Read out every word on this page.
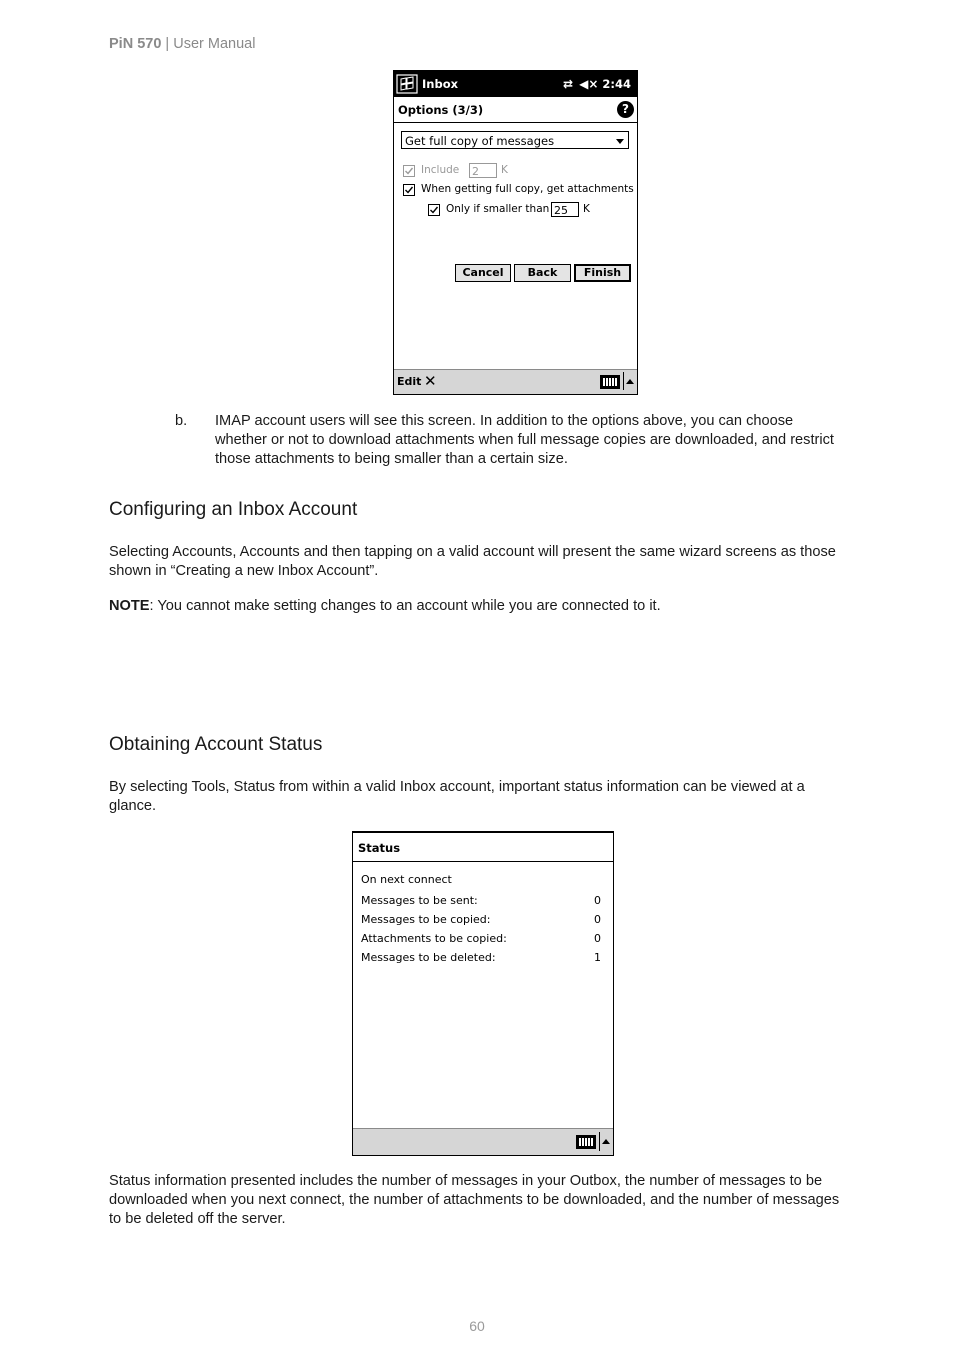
PiN 570 | User Manual
Inbox	⇄ ◀× 2:44
Options (3/3)	?
Get full copy of messages
Include 2	K
When getting full copy, get attachments
Only if smaller than 25	K
Cancel	Back	Finish
Edit ✕
b. IMAP account users will see this screen. In addition to the options above, you can choose whether or not to download attachments when full message copies are downloaded, and restrict those attachments to being smaller than a certain size.
Configuring an Inbox Account
Selecting Accounts, Accounts and then tapping on a valid account will present the same wizard screens as those shown in “Creating a new Inbox Account”.
NOTE: You cannot make setting changes to an account while you are connected to it.
Obtaining Account Status
By selecting Tools, Status from within a valid Inbox account, important status information can be viewed at a glance.
Status
On next connect
Messages to be sent:	0
Messages to be copied:	0
Attachments to be copied:	0
Messages to be deleted:	1
Status information presented includes the number of messages in your Outbox, the number of messages to be downloaded when you next connect, the number of attachments to be downloaded, and the number of messages to be deleted off the server.
60
